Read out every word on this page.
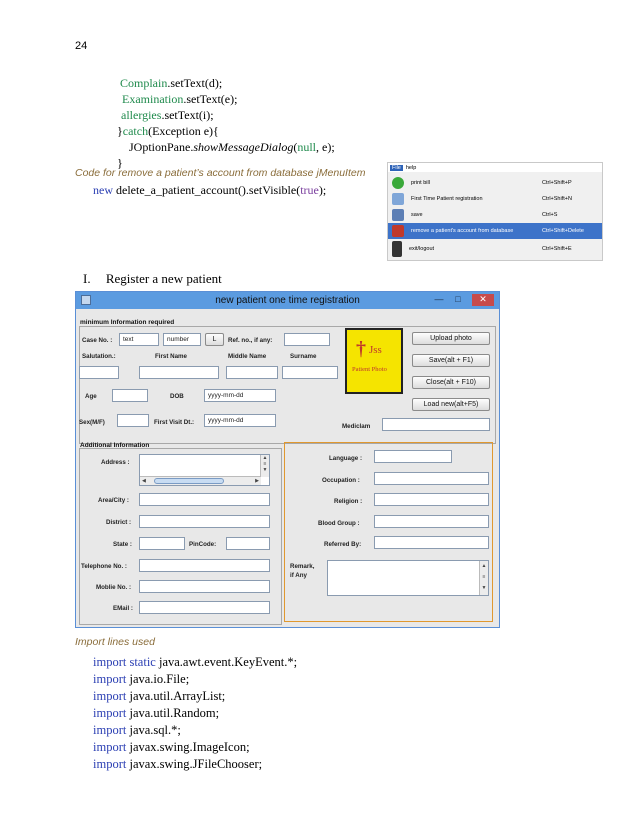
24
Complain.setText(d);
Examination.setText(e);
allergies.setText(i);
}catch(Exception e){
JOptionPane.showMessageDialog(null, e);
}
Code for remove a patient’s account from database jMenuItem
new delete_a_patient_account().setVisible(true);
File help
print bill	Ctrl+Shift+P
First Time Patient registration	Ctrl+Shift+N
save	Ctrl+S
remove a patient's account from database	Ctrl+Shift+Delete
exit/logout	Ctrl+Shift+E
I. Register a new patient
new patient one time registration	—	□	✕
minimum Information required
Case No. :	text	number	L	Ref. no., if any:
Salutation.:	First Name	Middle Name	Surname
Age	DOB	yyyy-mm-dd
Sex(M/F)	First Visit Dt.:	yyyy-mm-dd
† Jss
Patient Photo
Upload photo
Save(alt + F1)
Close(alt + F10)
Load new(alt+F5)
Mediclam
Additional Information
Address :
▲
≡
▼
◀	▶
Area/City :
District :
State :	PinCode:
Telephone No. :
Moblie No. :
EMail :
Language :
Occupation :
Religion :
Blood Group :
Referred By:
Remark,
if Any
▲
≡
▼
Import lines used
import static java.awt.event.KeyEvent.*;
import java.io.File;
import java.util.ArrayList;
import java.util.Random;
import java.sql.*;
import javax.swing.ImageIcon;
import javax.swing.JFileChooser;
